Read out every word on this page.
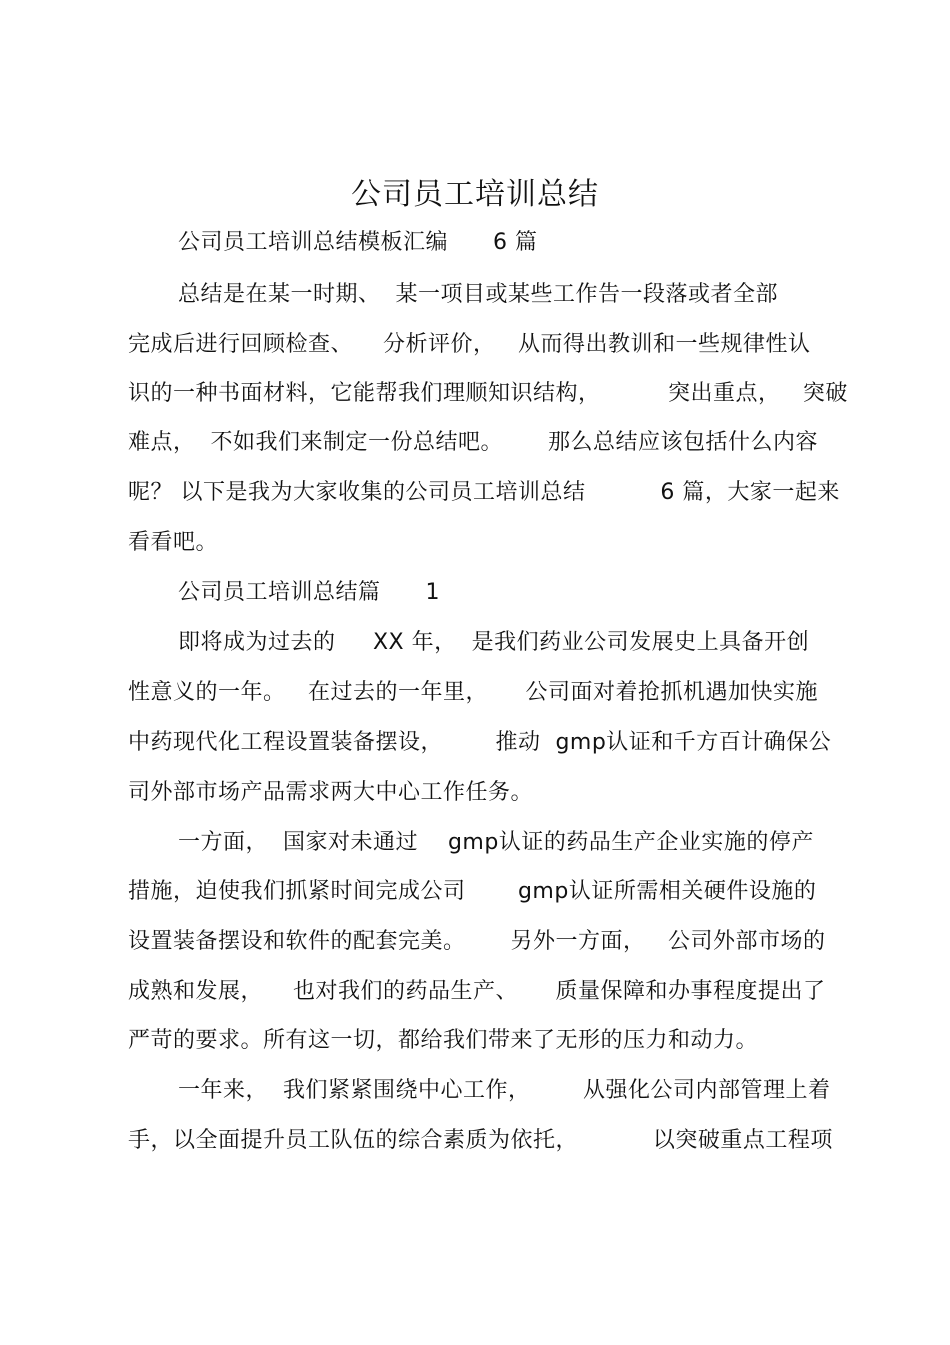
公司员工培训总结
公司员工培训总结模板汇编      6 篇
总结是在某一时期、  某一项目或某些工作告一段落或者全部
完成后进行回顾检查、    分析评价，   从而得出教训和一些规律性认
识的一种书面材料，它能帮我们理顺知识结构，         突出重点，   突破
难点，  不如我们来制定一份总结吧。      那么总结应该包括什么内容
呢？ 以下是我为大家收集的公司员工培训总结          6 篇，大家一起来
看看吧。
公司员工培训总结篇      1
即将成为过去的     XX 年，  是我们药业公司发展史上具备开创
性意义的一年。   在过去的一年里，     公司面对着抢抓机遇加快实施
中药现代化工程设置装备摆设，       推动  gmp认证和千方百计确保公
司外部市场产品需求两大中心工作任务。
一方面，  国家对未通过    gmp认证的药品生产企业实施的停产
措施，迫使我们抓紧时间完成公司       gmp认证所需相关硬件设施的
设置装备摆设和软件的配套完美。      另外一方面，   公司外部市场的
成熟和发展，    也对我们的药品生产、     质量保障和办事程度提出了
严苛的要求。所有这一切，都给我们带来了无形的压力和动力。
一年来，  我们紧紧围绕中心工作，       从强化公司内部管理上着
手，以全面提升员工队伍的综合素质为依托，          以突破重点工程项
